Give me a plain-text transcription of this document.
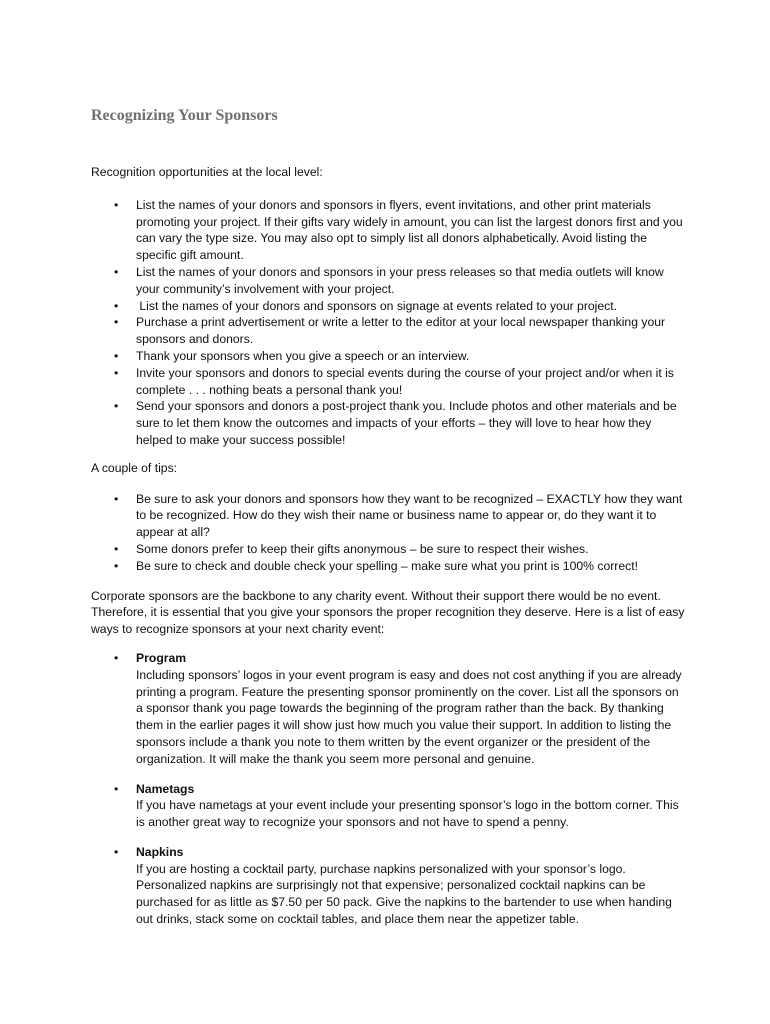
Recognizing Your Sponsors

Recognition opportunities at the local level:

• List the names of your donors and sponsors in flyers, event invitations, and other print materials promoting your project. If their gifts vary widely in amount, you can list the largest donors first and you can vary the type size. You may also opt to simply list all donors alphabetically. Avoid listing the specific gift amount.
• List the names of your donors and sponsors in your press releases so that media outlets will know your community’s involvement with your project.
•  List the names of your donors and sponsors on signage at events related to your project.
• Purchase a print advertisement or write a letter to the editor at your local newspaper thanking your sponsors and donors.
• Thank your sponsors when you give a speech or an interview.
• Invite your sponsors and donors to special events during the course of your project and/or when it is complete . . . nothing beats a personal thank you!
• Send your sponsors and donors a post-project thank you. Include photos and other materials and be sure to let them know the outcomes and impacts of your efforts – they will love to hear how they helped to make your success possible!

A couple of tips:

• Be sure to ask your donors and sponsors how they want to be recognized – EXACTLY how they want to be recognized. How do they wish their name or business name to appear or, do they want it to appear at all?
• Some donors prefer to keep their gifts anonymous – be sure to respect their wishes.
• Be sure to check and double check your spelling – make sure what you print is 100% correct!

Corporate sponsors are the backbone to any charity event. Without their support there would be no event. Therefore, it is essential that you give your sponsors the proper recognition they deserve. Here is a list of easy ways to recognize sponsors at your next charity event:

• Program
Including sponsors’ logos in your event program is easy and does not cost anything if you are already printing a program. Feature the presenting sponsor prominently on the cover. List all the sponsors on a sponsor thank you page towards the beginning of the program rather than the back. By thanking them in the earlier pages it will show just how much you value their support. In addition to listing the sponsors include a thank you note to them written by the event organizer or the president of the organization. It will make the thank you seem more personal and genuine.
• Nametags
If you have nametags at your event include your presenting sponsor’s logo in the bottom corner. This is another great way to recognize your sponsors and not have to spend a penny.
• Napkins
If you are hosting a cocktail party, purchase napkins personalized with your sponsor’s logo. Personalized napkins are surprisingly not that expensive; personalized cocktail napkins can be purchased for as little as $7.50 per 50 pack. Give the napkins to the bartender to use when handing out drinks, stack some on cocktail tables, and place them near the appetizer table.
